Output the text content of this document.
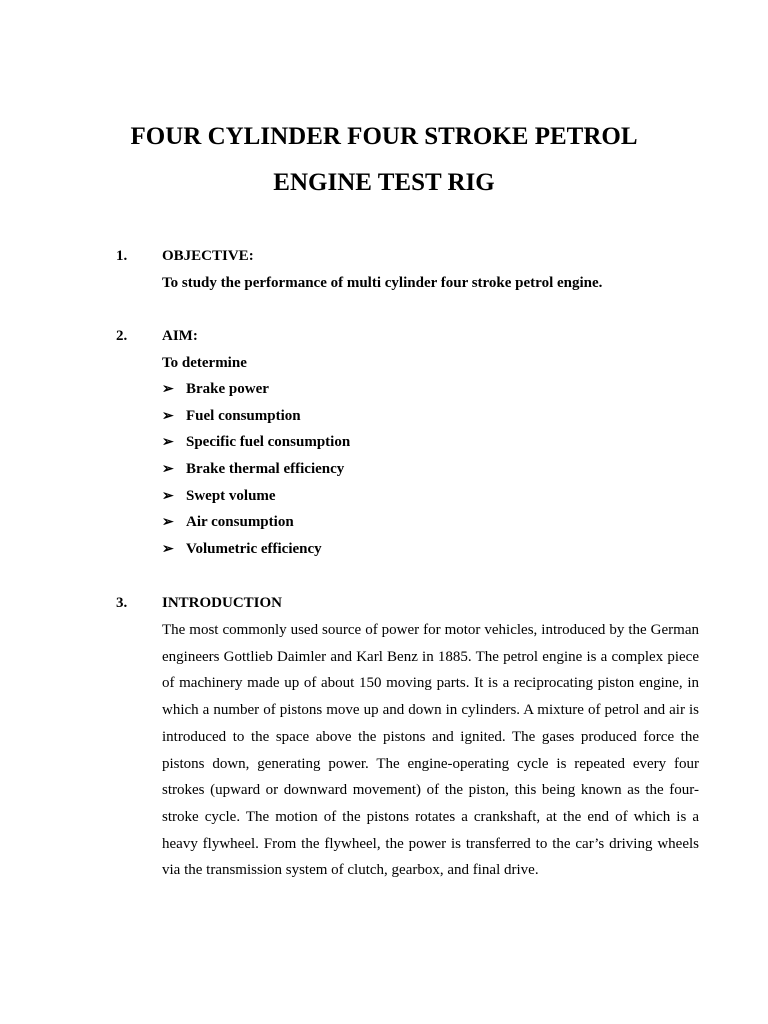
FOUR CYLINDER FOUR STROKE PETROL
ENGINE TEST RIG
1. OBJECTIVE:
To study the performance of multi cylinder four stroke petrol engine.
2. AIM:
To determine
➢ Brake power
➢ Fuel consumption
➢ Specific fuel consumption
➢ Brake thermal efficiency
➢ Swept volume
➢ Air consumption
➢ Volumetric efficiency
3. INTRODUCTION

The most commonly used source of power for motor vehicles, introduced by the German engineers Gottlieb Daimler and Karl Benz in 1885. The petrol engine is a complex piece of machinery made up of about 150 moving parts. It is a reciprocating piston engine, in which a number of pistons move up and down in cylinders. A mixture of petrol and air is introduced to the space above the pistons and ignited. The gases produced force the pistons down, generating power. The engine-operating cycle is repeated every four strokes (upward or downward movement) of the piston, this being known as the four-stroke cycle. The motion of the pistons rotates a crankshaft, at the end of which is a heavy flywheel. From the flywheel, the power is transferred to the car’s driving wheels via the transmission system of clutch, gearbox, and final drive.
